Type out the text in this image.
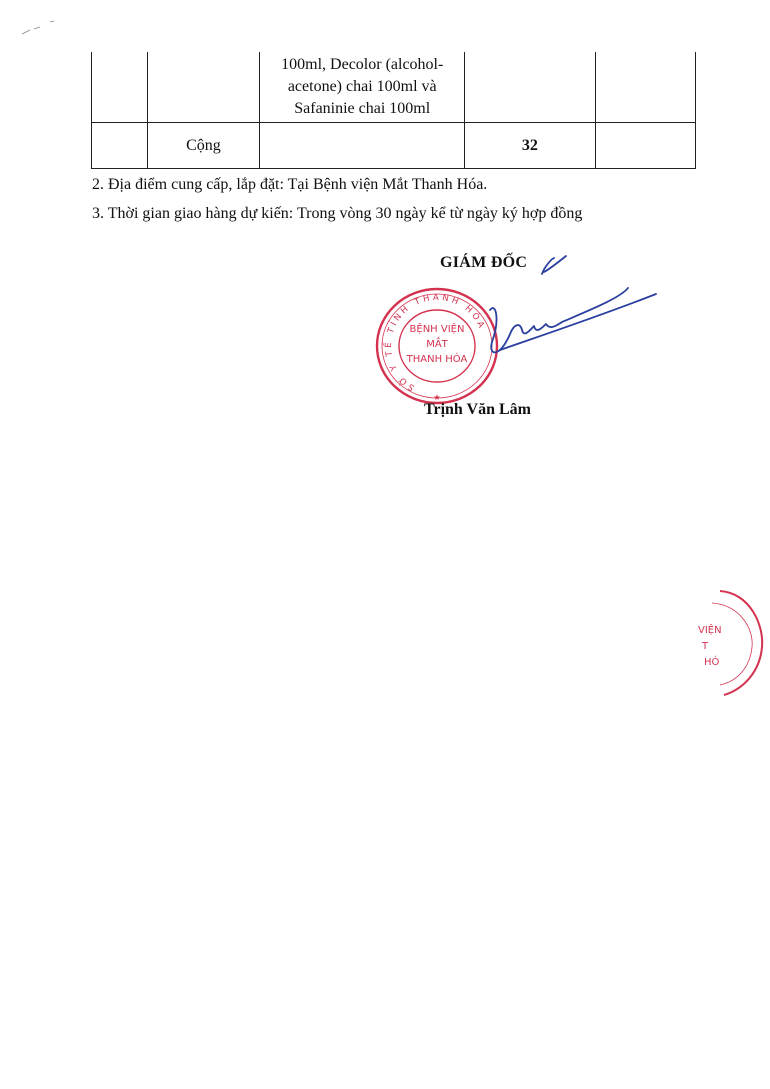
		100ml, Decolor (alcohol-acetone) chai 100ml và Safaninie chai 100ml		
	Cộng		32	
2. Địa điểm cung cấp, lắp đặt: Tại Bệnh viện Mắt Thanh Hóa.
3. Thời gian giao hàng dự kiến: Trong vòng 30 ngày kể từ ngày ký hợp đồng
GIÁM ĐỐC
SỞ Y TẾ TỈNH THANH HÓA
BỆNH VIỆN
MẮT
THANH HÓA
★
Trịnh Văn Lâm
VIỆN
T
HÓ
